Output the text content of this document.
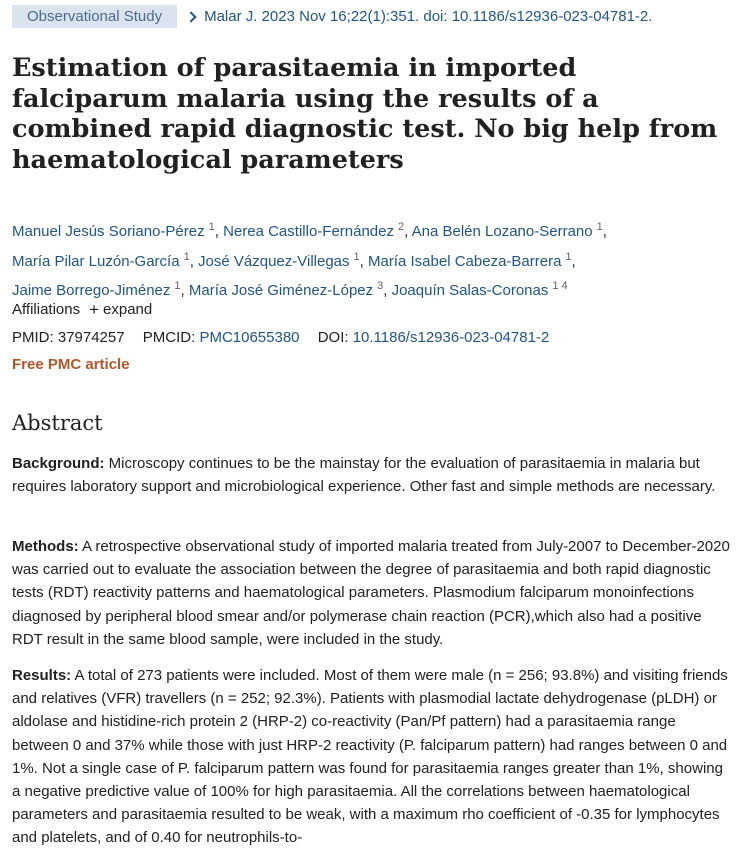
Observational Study	Malar J. 2023 Nov 16;22(1):351. doi: 10.1186/s12936-023-04781-2.
Estimation of parasitaemia in imported falciparum malaria using the results of a combined rapid diagnostic test. No big help from haematological parameters
Manuel Jesús Soriano-Pérez $^1$, Nerea Castillo-Fernández $^2$, Ana Belén Lozano-Serrano $^1$, María Pilar Luzón-García $^1$, José Vázquez-Villegas $^1$, María Isabel Cabeza-Barrera $^1$, Jaime Borrego-Jiménez $^1$, María José Giménez-López $^3$, Joaquín Salas-Coronas $^{1 4}$
Affiliations + expand
PMID: 37974257 PMCID: PMC10655380 DOI: 10.1186/s12936-023-04781-2
Free PMC article
Abstract

Background: Microscopy continues to be the mainstay for the evaluation of parasitaemia in malaria but requires laboratory support and microbiological experience. Other fast and simple methods are necessary.

Methods: A retrospective observational study of imported malaria treated from July-2007 to December-2020 was carried out to evaluate the association between the degree of parasitaemia and both rapid diagnostic tests (RDT) reactivity patterns and haematological parameters. Plasmodium falciparum monoinfections diagnosed by peripheral blood smear and/or polymerase chain reaction (PCR),which also had a positive RDT result in the same blood sample, were included in the study.

Results: A total of 273 patients were included. Most of them were male (n = 256; 93.8%) and visiting friends and relatives (VFR) travellers (n = 252; 92.3%). Patients with plasmodial lactate dehydrogenase (pLDH) or aldolase and histidine-rich protein 2 (HRP-2) co-reactivity (Pan/Pf pattern) had a parasitaemia range between 0 and 37% while those with just HRP-2 reactivity (P. falciparum pattern) had ranges between 0 and 1%. Not a single case of P. falciparum pattern was found for parasitaemia ranges greater than 1%, showing a negative predictive value of 100% for high parasitaemia. All the correlations between haematological parameters and parasitaemia resulted to be weak, with a maximum rho coefficient of -0.35 for lymphocytes and platelets, and of 0.40 for neutrophils-to-
